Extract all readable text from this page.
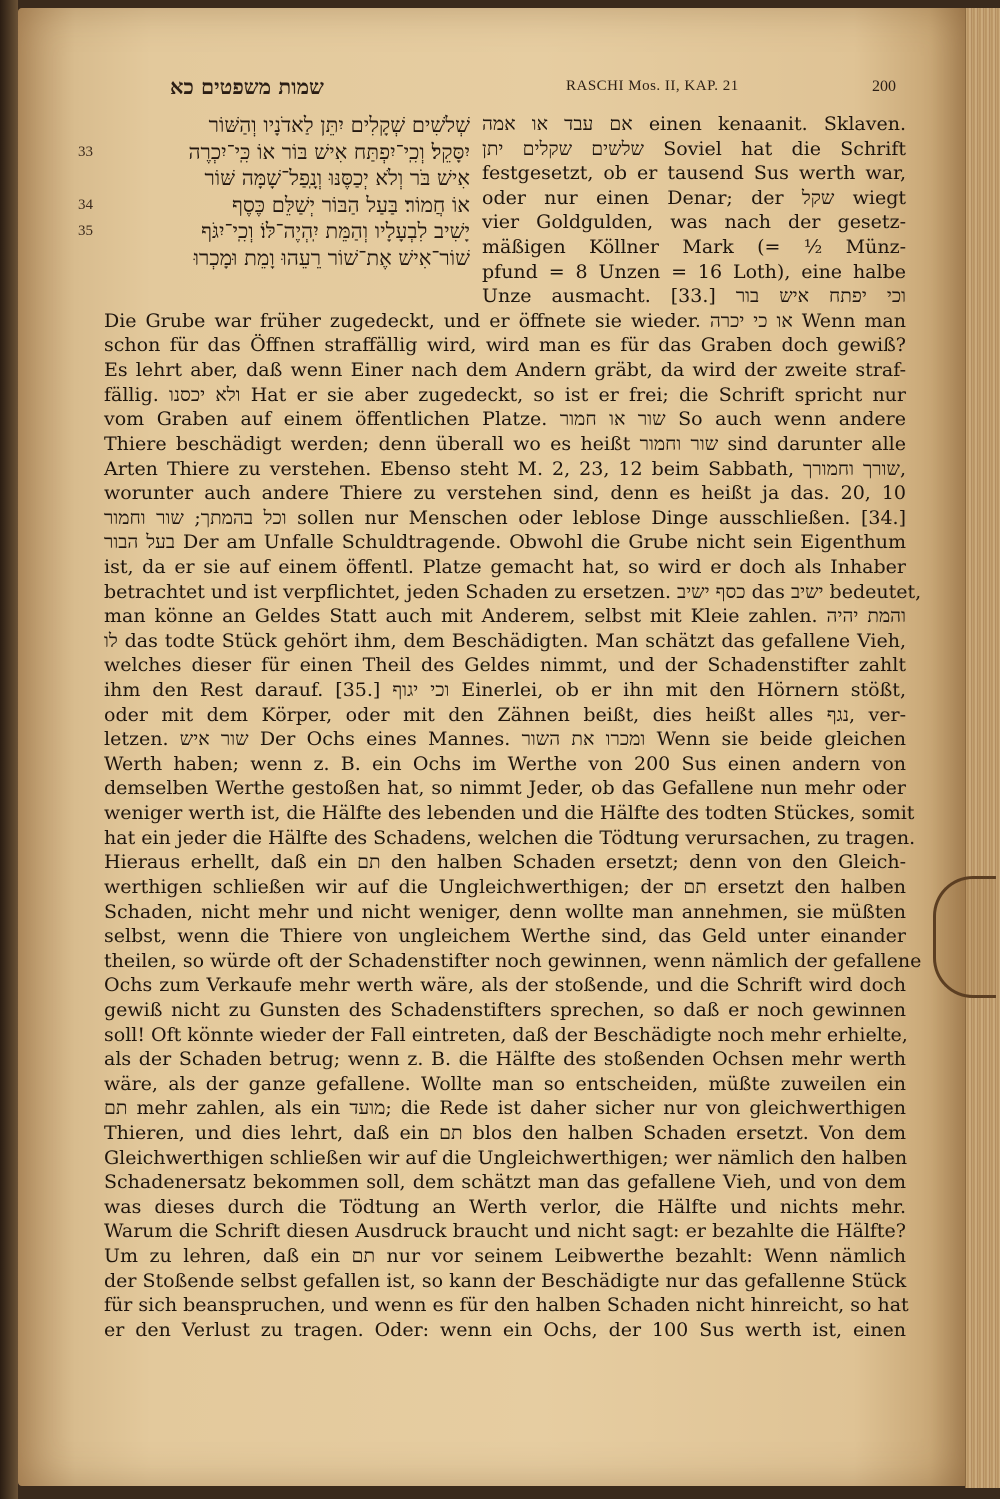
שמות משפטים כא	RASCHI Mos. II, KAP. 21	200
שְׁלֹשִׁים שְׁקָלִים יִתֵּן לַאדֹנָיו וְהַשּׁוֹר
33	יִסָּקֵל׃ וְכִֽי־יִפְתַּח אִישׁ בּוֹר אוֹ כִּֽי־יִכְרֶה
אִישׁ בֹּר וְלֹא יְכַסֶּנּוּ וְנָֽפַל־שָׁמָּה שּׁוֹר
34	אוֹ חֲמוֹר׃ בַּעַל הַבּוֹר יְשַׁלֵּם כֶּסֶף
35	יָשִׁיב לִבְעָלָיו וְהַמֵּת יִֽהְיֶה־לּוֹ׃ וְכִֽי־יִגֹּף
שׁוֹר־אִישׁ אֶת־שׁוֹר רֵעֵהוּ וָמֵת וּמָכְרוּ
אם עבד או אמה einen kenaanit. Sklaven.
שלשים שקלים יתן Soviel hat die Schrift
festgesetzt, ob er tausend Sus werth war,
oder nur einen Denar; der שקל wiegt
vier Goldgulden, was nach der gesetz-
mäßigen Köllner Mark (= ½ Münz-
pfund = 8 Unzen = 16 Loth), eine halbe
Unze ausmacht. [33.] וכי יפתח איש בור
Die Grube war früher zugedeckt, und er öffnete sie wieder. או כי יכרה Wenn man
schon für das Öffnen straffällig wird, wird man es für das Graben doch gewiß?
Es lehrt aber, daß wenn Einer nach dem Andern gräbt, da wird der zweite straf-
fällig. ולא יכסנו Hat er sie aber zugedeckt, so ist er frei; die Schrift spricht nur
vom Graben auf einem öffentlichen Platze. שור או חמור So auch wenn andere
Thiere beschädigt werden; denn überall wo es heißt שור וחמור sind darunter alle
Arten Thiere zu verstehen. Ebenso steht M. 2, 23, 12 beim Sabbath, שורך וחמורך,
worunter auch andere Thiere zu verstehen sind, denn es heißt ja das. 20, 10
וכל בהמתך; שור וחמור sollen nur Menschen oder leblose Dinge ausschließen. [34.]
בעל הבור Der am Unfalle Schuldtragende. Obwohl die Grube nicht sein Eigenthum
ist, da er sie auf einem öffentl. Platze gemacht hat, so wird er doch als Inhaber
betrachtet und ist verpflichtet, jeden Schaden zu ersetzen. כסף ישיב das ישיב bedeutet,
man könne an Geldes Statt auch mit Anderem, selbst mit Kleie zahlen. והמת יהיה
לו das todte Stück gehört ihm, dem Beschädigten. Man schätzt das gefallene Vieh,
welches dieser für einen Theil des Geldes nimmt, und der Schadenstifter zahlt
ihm den Rest darauf. [35.] וכי יגוף Einerlei, ob er ihn mit den Hörnern stößt,
oder mit dem Körper, oder mit den Zähnen beißt, dies heißt alles נגף, ver-
letzen. שור איש Der Ochs eines Mannes. ומכרו את השור Wenn sie beide gleichen
Werth haben; wenn z. B. ein Ochs im Werthe von 200 Sus einen andern von
demselben Werthe gestoßen hat, so nimmt Jeder, ob das Gefallene nun mehr oder
weniger werth ist, die Hälfte des lebenden und die Hälfte des todten Stückes, somit
hat ein jeder die Hälfte des Schadens, welchen die Tödtung verursachen, zu tragen.
Hieraus erhellt, daß ein תם den halben Schaden ersetzt; denn von den Gleich-
werthigen schließen wir auf die Ungleichwerthigen; der תם ersetzt den halben
Schaden, nicht mehr und nicht weniger, denn wollte man annehmen, sie müßten
selbst, wenn die Thiere von ungleichem Werthe sind, das Geld unter einander
theilen, so würde oft der Schadenstifter noch gewinnen, wenn nämlich der gefallene
Ochs zum Verkaufe mehr werth wäre, als der stoßende, und die Schrift wird doch
gewiß nicht zu Gunsten des Schadenstifters sprechen, so daß er noch gewinnen
soll! Oft könnte wieder der Fall eintreten, daß der Beschädigte noch mehr erhielte,
als der Schaden betrug; wenn z. B. die Hälfte des stoßenden Ochsen mehr werth
wäre, als der ganze gefallene. Wollte man so entscheiden, müßte zuweilen ein
תם mehr zahlen, als ein מועד; die Rede ist daher sicher nur von gleichwerthigen
Thieren, und dies lehrt, daß ein תם blos den halben Schaden ersetzt. Von dem
Gleichwerthigen schließen wir auf die Ungleichwerthigen; wer nämlich den halben
Schadenersatz bekommen soll, dem schätzt man das gefallene Vieh, und von dem
was dieses durch die Tödtung an Werth verlor, die Hälfte und nichts mehr.
Warum die Schrift diesen Ausdruck braucht und nicht sagt: er bezahlte die Hälfte?
Um zu lehren, daß ein תם nur vor seinem Leibwerthe bezahlt: Wenn nämlich
der Stoßende selbst gefallen ist, so kann der Beschädigte nur das gefallenne Stück
für sich beanspruchen, und wenn es für den halben Schaden nicht hinreicht, so hat
er den Verlust zu tragen. Oder: wenn ein Ochs, der 100 Sus werth ist, einen
